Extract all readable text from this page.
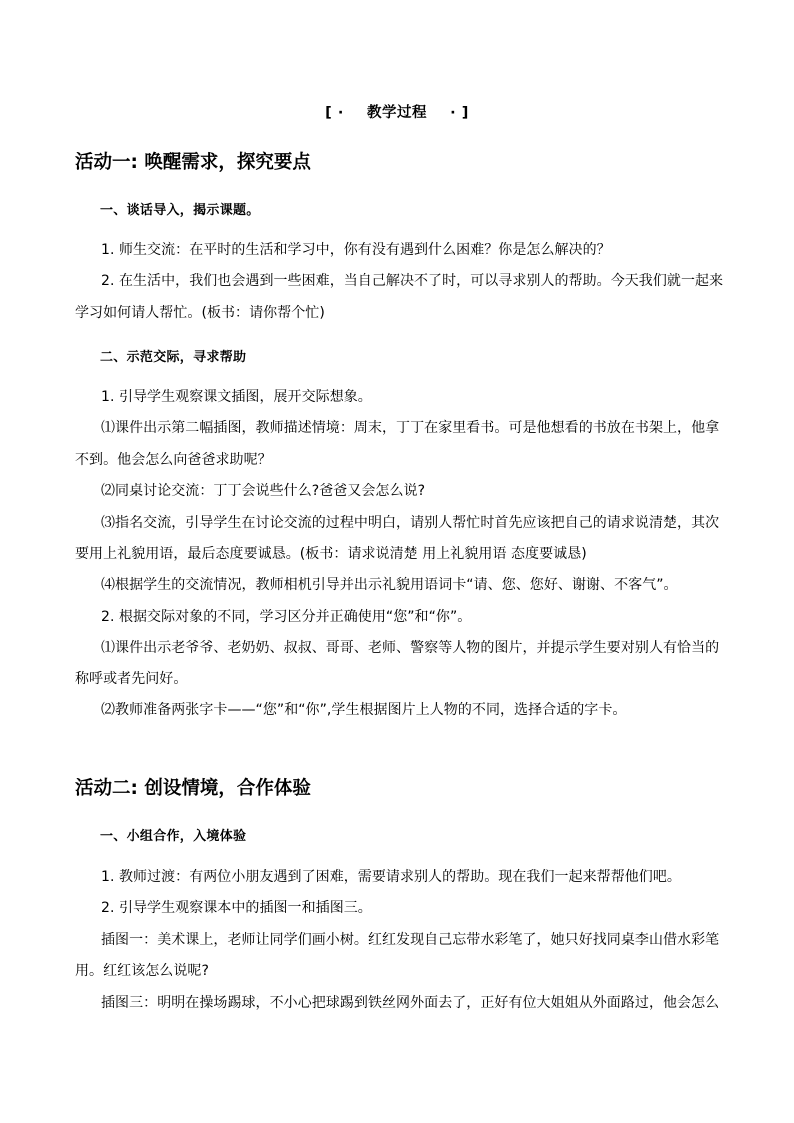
[ · 教学过程 · ]
活动一: 唤醒需求，探究要点
一、谈话导入，揭示课题。
1. 师生交流：在平时的生活和学习中，你有没有遇到什么困难？你是怎么解决的？
2. 在生活中，我们也会遇到一些困难，当自己解决不了时，可以寻求别人的帮助。今天我们就一起来
学习如何请人帮忙。(板书：请你帮个忙)
二、示范交际，寻求帮助
1. 引导学生观察课文插图，展开交际想象。
⑴课件出示第二幅插图，教师描述情境：周末，丁丁在家里看书。可是他想看的书放在书架上，他拿
不到。他会怎么向爸爸求助呢？
⑵同桌讨论交流：丁丁会说些什么?爸爸又会怎么说?
⑶指名交流，引导学生在讨论交流的过程中明白，请别人帮忙时首先应该把自己的请求说清楚，其次
要用上礼貌用语，最后态度要诚恳。(板书：请求说清楚 用上礼貌用语 态度要诚恳)
⑷根据学生的交流情况，教师相机引导并出示礼貌用语词卡“请、您、您好、谢谢、不客气”。
2. 根据交际对象的不同，学习区分并正确使用“您”和“你”。
⑴课件出示老爷爷、老奶奶、叔叔、哥哥、老师、警察等人物的图片，并提示学生要对别人有恰当的
称呼或者先问好。
⑵教师准备两张字卡——“您”和“你”,学生根据图片上人物的不同，选择合适的字卡。
活动二: 创设情境，合作体验
一、小组合作，入境体验
1. 教师过渡：有两位小朋友遇到了困难，需要请求别人的帮助。现在我们一起来帮帮他们吧。
2. 引导学生观察课本中的插图一和插图三。
插图一：美术课上，老师让同学们画小树。红红发现自己忘带水彩笔了，她只好找同桌李山借水彩笔
用。红红该怎么说呢?
插图三：明明在操场踢球，不小心把球踢到铁丝网外面去了，正好有位大姐姐从外面路过，他会怎么
